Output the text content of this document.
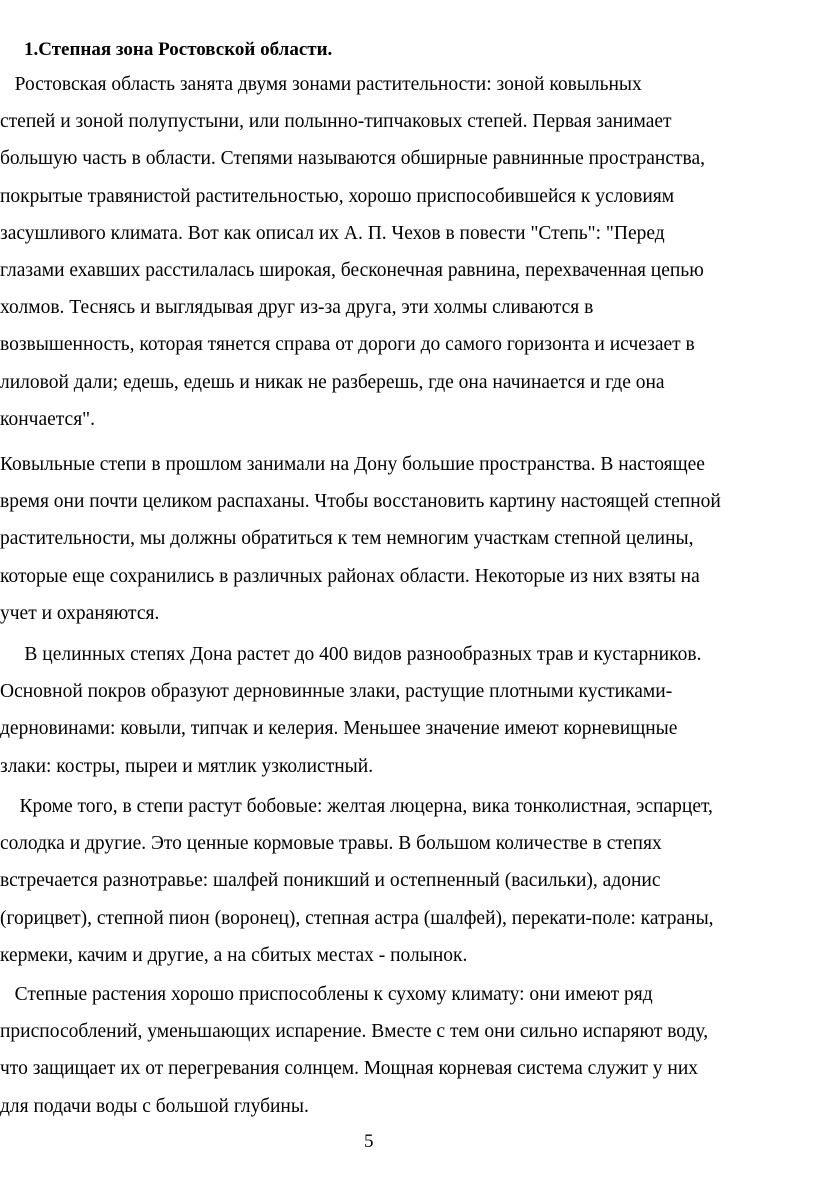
1.Степная зона Ростовской области.

Ростовская область занята двумя зонами растительности: зоной ковыльных
степей и зоной полупустыни, или полынно-типчаковых степей. Первая занимает
большую часть в области. Степями называются обширные равнинные пространства,
покрытые травянистой растительностью, хорошо приспособившейся к условиям
засушливого климата. Вот как описал их А. П. Чехов в повести "Степь": "Перед
глазами ехавших расстилалась широкая, бесконечная равнина, перехваченная цепью
холмов. Теснясь и выглядывая друг из-за друга, эти холмы сливаются в
возвышенность, которая тянется справа от дороги до самого горизонта и исчезает в
лиловой дали; едешь, едешь и никак не разберешь, где она начинается и где она
кончается".

Ковыльные степи в прошлом занимали на Дону большие пространства. В настоящее
время они почти целиком распаханы. Чтобы восстановить картину настоящей степной
растительности, мы должны обратиться к тем немногим участкам степной целины,
которые еще сохранились в различных районах области. Некоторые из них взяты на
учет и охраняются.

В целинных степях Дона растет до 400 видов разнообразных трав и кустарников.
Основной покров образуют дерновинные злаки, растущие плотными кустиками-
дерновинами: ковыли, типчак и келерия. Меньшее значение имеют корневищные
злаки: костры, пыреи и мятлик узколистный.

Кроме того, в степи растут бобовые: желтая люцерна, вика тонколистная, эспарцет,
солодка и другие. Это ценные кормовые травы. В большом количестве в степях
встречается разнотравье: шалфей поникший и остепненный (васильки), адонис
(горицвет), степной пион (воронец), степная астра (шалфей), перекати-поле: катраны,
кермеки, качим и другие, а на сбитых местах - полынок.

Степные растения хорошо приспособлены к сухому климату: они имеют ряд
приспособлений, уменьшающих испарение. Вместе с тем они сильно испаряют воду,
что защищает их от перегревания солнцем. Мощная корневая система служит у них
для подачи воды с большой глубины.

5
